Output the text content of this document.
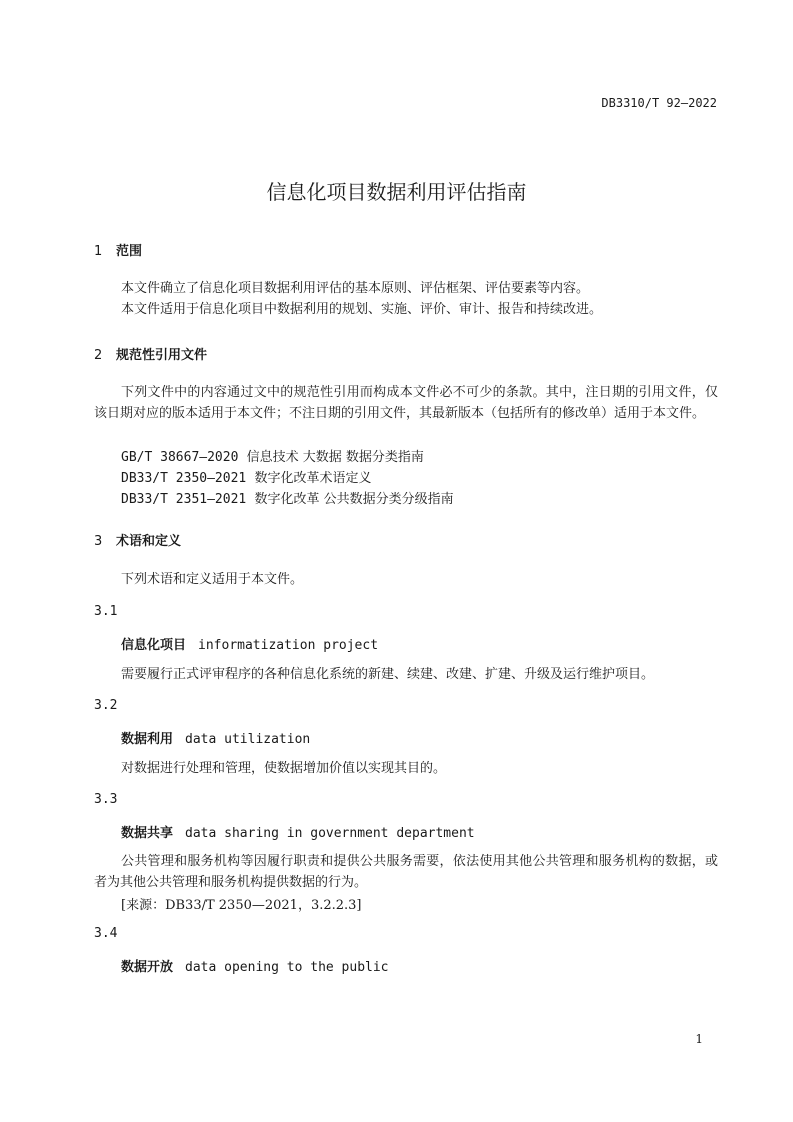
DB3310/T 92—2022
信息化项目数据利用评估指南
1 范围
本文件确立了信息化项目数据利用评估的基本原则、评估框架、评估要素等内容。
本文件适用于信息化项目中数据利用的规划、实施、评价、审计、报告和持续改进。
2 规范性引用文件
下列文件中的内容通过文中的规范性引用而构成本文件必不可少的条款。其中，注日期的引用文件，仅该日期对应的版本适用于本文件；不注日期的引用文件，其最新版本（包括所有的修改单）适用于本文件。
GB/T 38667—2020 信息技术 大数据 数据分类指南
DB33/T 2350—2021 数字化改革术语定义
DB33/T 2351—2021 数字化改革 公共数据分类分级指南
3 术语和定义
下列术语和定义适用于本文件。
3.1
信息化项目 informatization project
需要履行正式评审程序的各种信息化系统的新建、续建、改建、扩建、升级及运行维护项目。
3.2
数据利用 data utilization
对数据进行处理和管理，使数据增加价值以实现其目的。
3.3
数据共享 data sharing in government department
公共管理和服务机构等因履行职责和提供公共服务需要，依法使用其他公共管理和服务机构的数据，或者为其他公共管理和服务机构提供数据的行为。
[来源：DB33/T 2350—2021，3.2.2.3]
3.4
数据开放 data opening to the public
1
